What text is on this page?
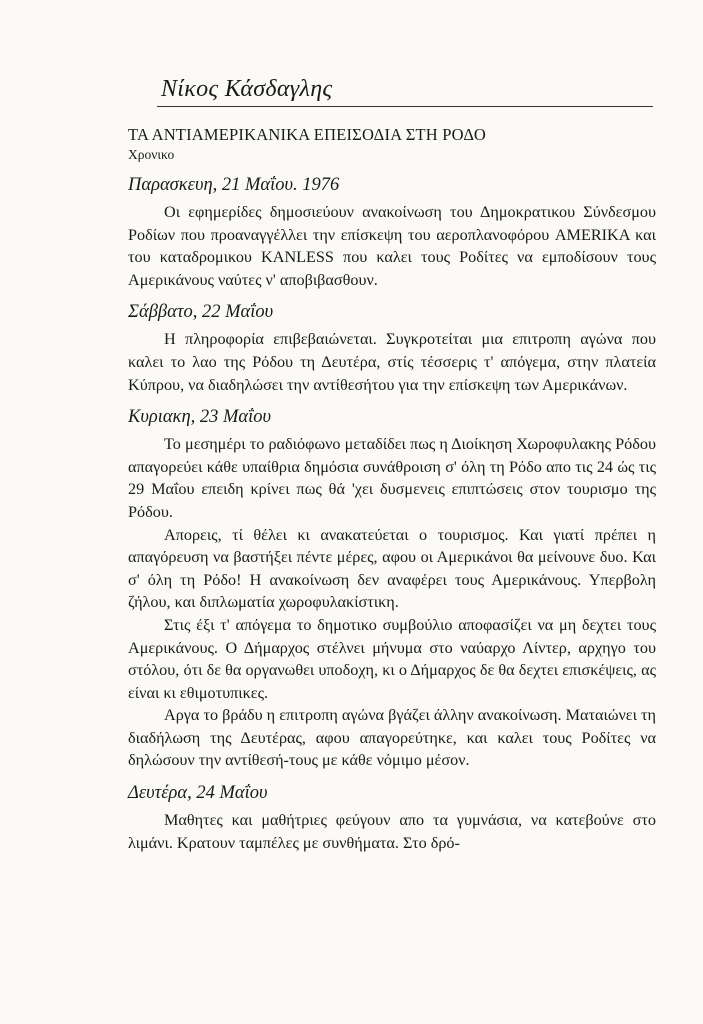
Νίκος Κάσδαγλης
ΤΑ ΑΝΤΙΑΜΕΡΙΚΑΝΙΚΑ ΕΠΕΙΣΟΔΙΑ ΣΤΗ ΡΟΔΟ
Χρονικο
Παρασκευη, 21 Μαΐου. 1976

Οι εφημερίδες δημοσιεύουν ανακοίνωση του Δημοκρατικου Σύνδεσμου Ροδίων που προαναγγέλλει την επίσκεψη του αεροπλανοφόρου AMERIKA και του καταδρομικου KANLESS που καλει τους Ροδίτες να εμποδίσουν τους Αμερικάνους ναύτες ν' αποβιβασθουν.

Σάββατο, 22 Μαΐου

Η πληροφορία επιβεβαιώνεται. Συγκροτείται μια επιτροπη αγώνα που καλει το λαο της Ρόδου τη Δευτέρα, στίς τέσσερις τ' απόγεμα, στην πλατεία Κύπρου, να διαδηλώσει την αντίθεσήτου για την επίσκεψη των Αμερικάνων.

Κυριακη, 23 Μαΐου

Το μεσημέρι το ραδιόφωνο μεταδίδει πως η Διοίκηση Χωροφυλακης Ρόδου απαγορεύει κάθε υπαίθρια δημόσια συνάθροιση σ' όλη τη Ρόδο απο τις 24 ώς τις 29 Μαΐου επειδη κρίνει πως θά 'χει δυσμενεις επιπτώσεις στον τουρισμο της Ρόδου.

Απορεις, τί θέλει κι ανακατεύεται ο τουρισμος. Και γιατί πρέπει η απαγόρευση να βαστήξει πέντε μέρες, αφου οι Αμερικάνοι θα μείνουνε δυο. Και σ' όλη τη Ρόδο! Η ανακοίνωση δεν αναφέρει τους Αμερικάνους. Υπερβολη ζήλου, και διπλωματία χωροφυλακίστικη.

Στις έξι τ' απόγεμα το δημοτικο συμβούλιο αποφασίζει να μη δεχτει τους Αμερικάνους. Ο Δήμαρχος στέλνει μήνυμα στο ναύαρχο Λίντερ, αρχηγο του στόλου, ότι δε θα οργανωθει υποδοχη, κι ο Δήμαρχος δε θα δεχτει επισκέψεις, ας είναι κι εθιμοτυπικες.

Αργα το βράδυ η επιτροπη αγώνα βγάζει άλλην ανακοίνωση. Ματαιώνει τη διαδήλωση της Δευτέρας, αφου απαγορεύτηκε, και καλει τους Ροδίτες να δηλώσουν την αντίθεσή-τους με κάθε νόμιμο μέσον.

Δευτέρα, 24 Μαΐου

Μαθητες και μαθήτριες φεύγουν απο τα γυμνάσια, να κατεβούνε στο λιμάνι. Κρατουν ταμπέλες με συνθήματα. Στο δρό-
